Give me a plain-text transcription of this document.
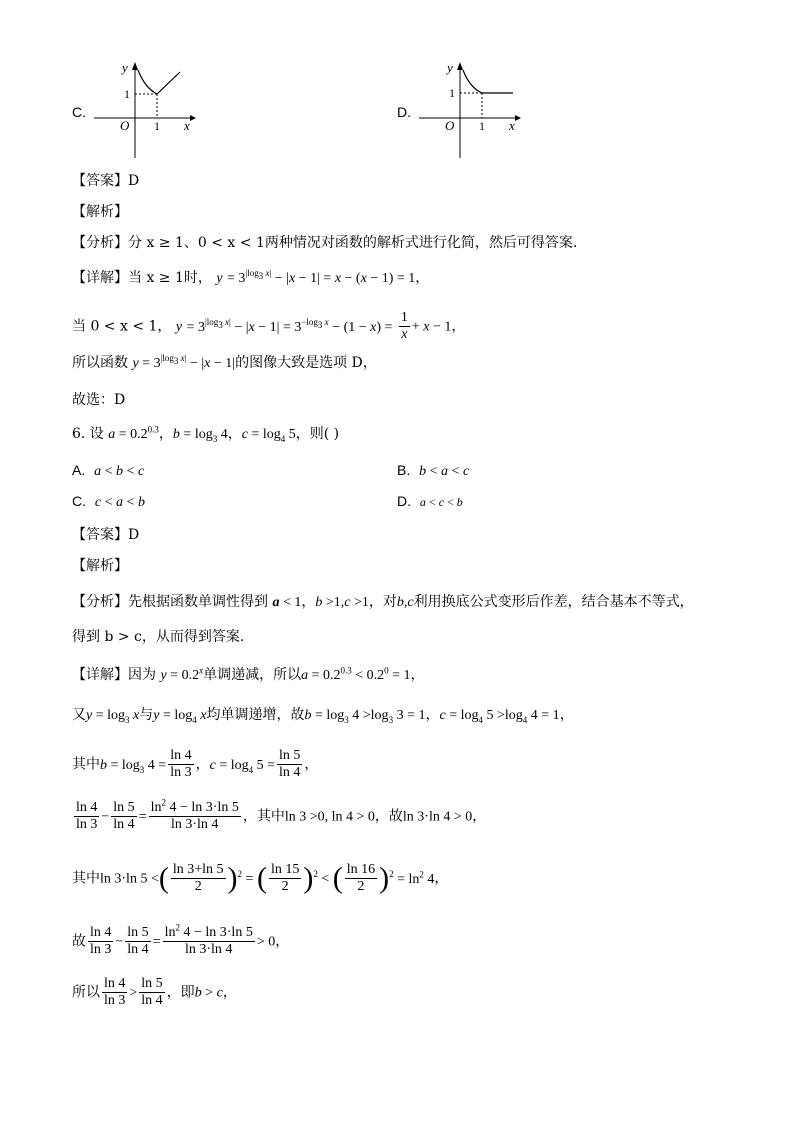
C.
y
x
O
1
1
D.
y
x
O
1
1
【答案】D
【解析】
【分析】分 x ≥ 1、0 < x < 1两种情况对函数的解析式进行化简，然后可得答案.
【详解】当 x ≥ 1时， $y = 3^{|log_3 x|} - |x - 1| = x - (x - 1) = 1$，
当 0 < x < 1， $y = 3^{|log_3 x|} - |x - 1| = 3^{-log_3 x} - (1 - x) = \frac{1}{x} + x - 1$，
所以函数 $y = 3^{|log_3 x|} - |x - 1|$的图像大致是选项 D，
故选：D
6. 设 $a = 0.2^{0.3}$，$b = \log_3 4$，$c = \log_4 5$，则( )
A. a < b < c	B. b < a < c
C. c < a < b	D. a < c < b
【答案】D
【解析】
【分析】先根据函数单调性得到 a < 1，b >1,c >1，对b,c利用换底公式变形后作差，结合基本不等式，
得到 b > c，从而得到答案.
【详解】因为 $y = 0.2^x$单调递减，所以$a = 0.2^{0.3} < 0.2^0 = 1$，
又$y = \log_3 x$与$y = \log_4 x$均单调递增，故$b = \log_3 4 >\log_3$ 3 = 1，$c = \log_4 5 >\log_4$ 4 = 1，
其中$b = \log_3 4 = \frac{\ln 4}{\ln 3}$ ，$c = \log_4 5 = \frac{\ln 5}{\ln 4}$ ，
$\frac{\ln 4}{\ln 3} - \frac{\ln 5}{\ln 4} = \frac{\ln^2 4 - \ln 3\cdot\ln 5}{\ln 3\cdot\ln 4}$ ，其中ln 3 >0, ln 4 > 0，故ln 3·ln 4 > 0，
其中ln 3·ln 5 <( $\frac{\ln 3+\ln 5}{2} )^2$ = ( $\frac{\ln 15}{2} )^2$ < ( $\frac{\ln 16}{2} )^2 = \ln^2 4$，
故 $\frac{\ln 4}{\ln 3} - \frac{\ln 5}{\ln 4} = \frac{\ln^2 4 - \ln 3\cdot\ln 5}{\ln 3\cdot\ln 4} > 0$，
所以 $\frac{\ln 4}{\ln 3} > \frac{\ln 5}{\ln 4}$ ，即b > c，
